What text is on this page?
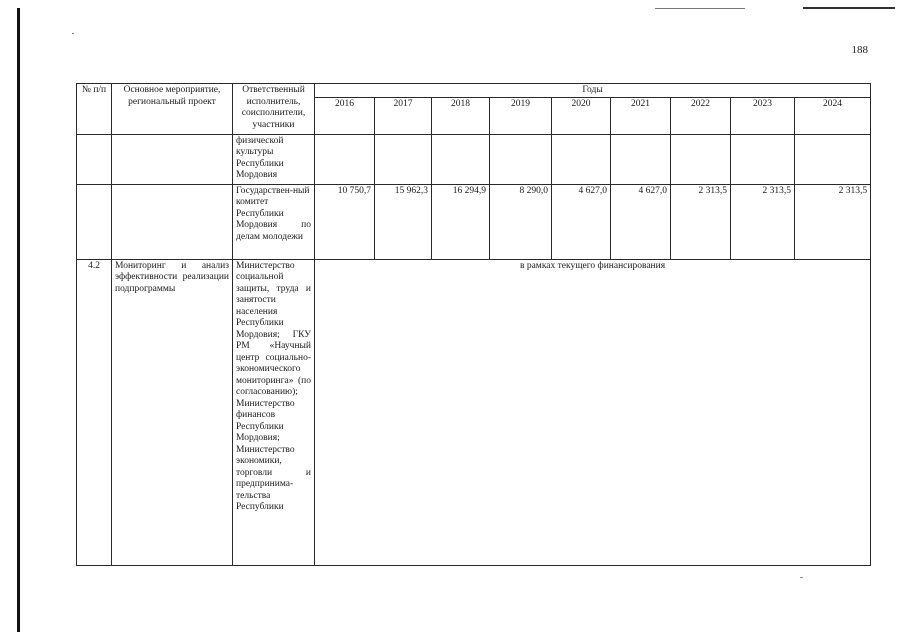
188
№ п/п	Основное мероприятие, региональный проект	Ответственный исполнитель, соисполнители, участники	Годы								
			2016	2017	2018	2019	2020	2021	2022	2023	2024
		физической культуры Республики Мордовия									
		Государствен-ный комитет Республики Мордовия по делам молодежи	10 750,7	15 962,3	16 294,9	8 290,0	4 627,0	4 627,0	2 313,5	2 313,5	2 313,5
4.2	Мониторинг и анализ эффективности реализации подпрограммы	Министерство социальной защиты, труда и занятости населения Республики Мордовия; ГКУ РМ «Научный центр социально-экономического мониторинга» (по согласованию); Министерство финансов Республики Мордовия; Министерство экономики, торговли и предпринима-тельства Республики	в рамках текущего финансирования								
